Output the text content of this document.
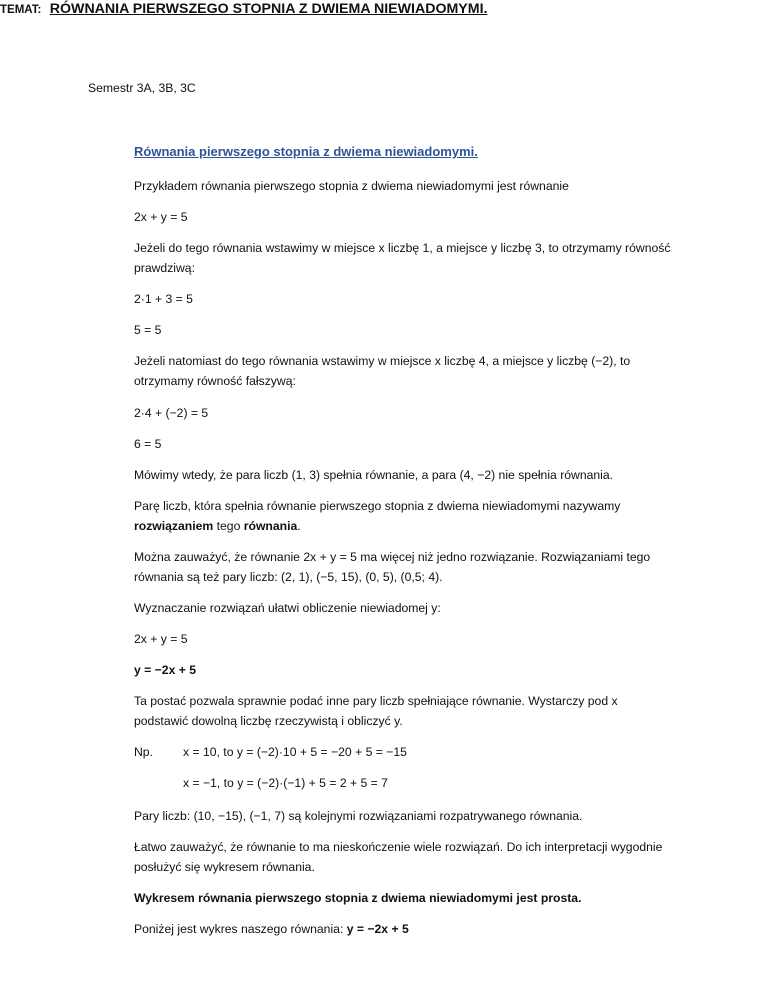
Semestr 3A, 3B, 3C
TEMAT: RÓWNANIA PIERWSZEGO STOPNIA Z DWIEMA NIEWIADOMYMI.
Równania pierwszego stopnia z dwiema niewiadomymi.
Przykładem równania pierwszego stopnia z dwiema niewiadomymi jest równanie
2x + y = 5
Jeżeli do tego równania wstawimy w miejsce x liczbę 1, a miejsce y liczbę 3, to otrzymamy równość prawdziwą:
2·1 + 3 = 5
5 = 5
Jeżeli natomiast do tego równania wstawimy w miejsce x liczbę 4, a miejsce y liczbę (−2), to otrzymamy równość fałszywą:
2·4 + (−2) = 5
6 = 5
Mówimy wtedy, że para liczb (1, 3) spełnia równanie, a para (4, −2) nie spełnia równania.
Parę liczb, która spełnia równanie pierwszego stopnia z dwiema niewiadomymi nazywamy rozwiązaniem tego równania.
Można zauważyć, że równanie 2x + y = 5 ma więcej niż jedno rozwiązanie. Rozwiązaniami tego równania są też pary liczb: (2, 1), (−5, 15), (0, 5), (0,5; 4).
Wyznaczanie rozwiązań ułatwi obliczenie niewiadomej y:
2x + y = 5
y = −2x + 5
Ta postać pozwala sprawnie podać inne pary liczb spełniające równanie. Wystarczy pod x podstawić dowolną liczbę rzeczywistą i obliczyć y.
Np. x = 10, to y = (−2)·10 + 5 = −20 + 5 = −15
x = −1, to y = (−2)·(−1) + 5 = 2 + 5 = 7
Pary liczb: (10, −15), (−1, 7) są kolejnymi rozwiązaniami rozpatrywanego równania.
Łatwo zauważyć, że równanie to ma nieskończenie wiele rozwiązań. Do ich interpretacji wygodnie posłużyć się wykresem równania.
Wykresem równania pierwszego stopnia z dwiema niewiadomymi jest prosta.
Poniżej jest wykres naszego równania: y = −2x + 5
